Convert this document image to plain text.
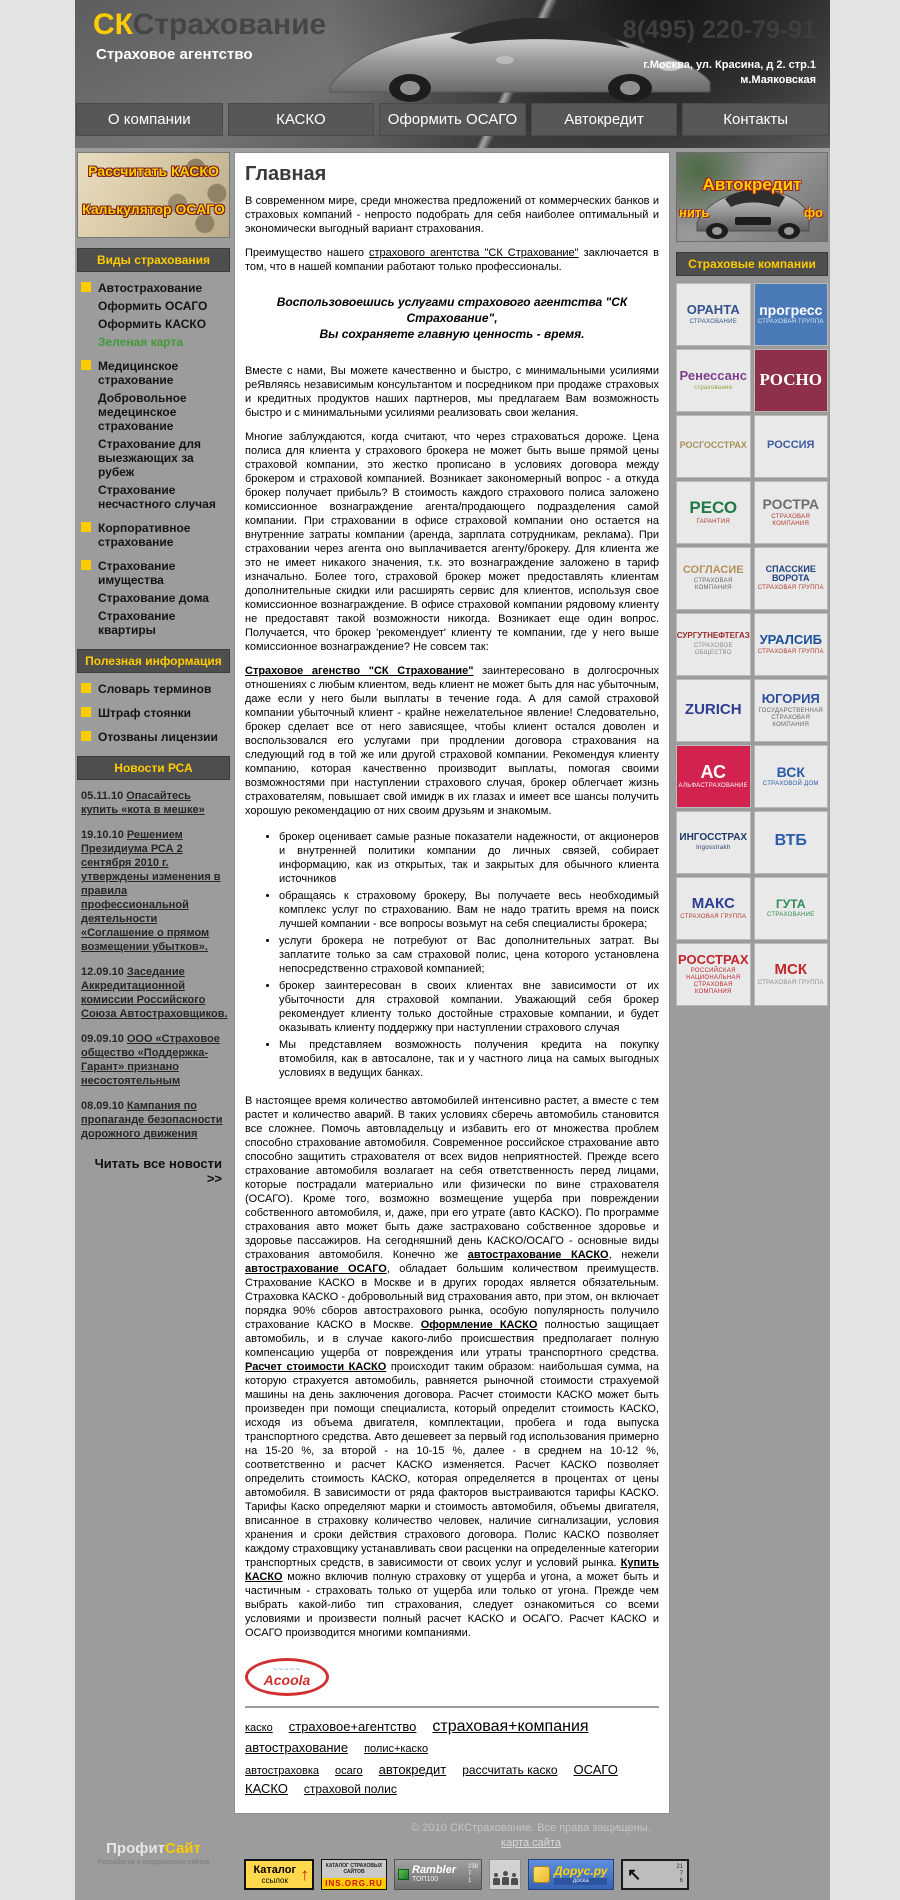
СКСтрахование
Страховое агентство
8(495) 220-79-91
г.Москва, ул. Красина, д 2. стр.1
м.Маяковская
О компании	КАСКО	Оформить ОСАГО	Автокредит	Контакты
Рассчитать КАСКО
Калькулятор ОСАГО
Виды страхования
Автострахование
Оформить ОСАГО
Оформить КАСКО
Зеленая карта
Медицинское страхование
Добровольное медецинское страхование
Страхование для выезжающих за рубеж
Страхование несчастного случая
Корпоративное страхование
Страхование имущества
Страхование дома
Страхование квартиры
Полезная информация
Словарь терминов
Штраф стоянки
Отозваны лицензии
Новости РСА
05.11.10 Опасайтесь купить «кота в мешке»
19.10.10 Решением Президиума РСА 2 сентября 2010 г. утверждены изменения в правила профессиональной деятельности «Соглашение о прямом возмещении убытков».
12.09.10 Заседание Аккредитационной комиссии Российского Союза Автостраховщиков.
09.09.10 ООО «Страховое общество «Поддержка-Гарант» признано несостоятельным
08.09.10 Кампания по пропаганде безопасности дорожного движения
Читать все новости >>
Главная

В современном мире, среди множества предложений от коммерческих банков и страховых компаний - непросто подобрать для себя наиболее оптимальный и экономически выгодный вариант страхования.

Преимущество нашего страхового агентства "СК Страхование" заключается в том, что в нашей компании работают только профессионалы.

Воспользовоешись услугами страхового агентства "СК Страхование",
Вы сохраняете главную ценность - время.

Вместе с нами, Вы можете качественно и быстро, с минимальными усилиями реЯвляясь независимым консультантом и посредником при продаже страховых и кредитных продуктов наших партнеров, мы предлагаем Вам возможность быстро и с минимальными усилиями реализовать свои желания.

Многие заблуждаются, когда считают, что через страховаться дороже. Цена полиса для клиента у страхового брокера не может быть выше прямой цены страховой компании, это жестко прописано в условиях договора между брокером и страховой компанией. Возникает закономерный вопрос - а откуда брокер получает прибыль? В стоимость каждого страхового полиса заложено комиссионное вознаграждение агента/продающего подразделения самой компании. При страховании в офисе страховой компании оно остается на внутренние затраты компании (аренда, зарплата сотрудникам, реклама). При страховании через агента оно выплачивается агенту/брокеру. Для клиента же это не имеет никакого значения, т.к. это вознаграждение заложено в тариф изначально. Более того, страховой брокер может предоставлять клиентам дополнительные скидки или расширять сервис для клиентов, используя свое комиссионное вознаграждение. В офисе страховой компании рядовому клиенту не предоставят такой возможности никогда. Возникает еще один вопрос. Получается, что брокер 'рекомендует' клиенту те компании, где у него выше комиссионное вознаграждение? Не совсем так:

Страховое агенство "СК Страхование" заинтересовано в долгосрочных отношениях с любым клиентом, ведь клиент не может быть для нас убыточным, даже если у него были выплаты в течение года. А для самой страховой компании убыточный клиент - крайне нежелательное явление! Следовательно, брокер сделает все от него зависящее, чтобы клиент остался доволен и воспользовался его услугами при продлении договора страхования на следующий год в той же или другой страховой компании. Рекомендуя клиенту компанию, которая качественно производит выплаты, помогая своими возможностями при наступлении страхового случая, брокер облегчает жизнь страхователям, повышает свой имидж в их глазах и имеет все шансы получить хорошую рекомендацию от них своим друзьям и знакомым.

• брокер оценивает самые разные показатели надежности, от акционеров и внутренней политики компании до личных связей, собирает информацию, как из открытых, так и закрытых для обычного клиента источников
• обращаясь к страховому брокеру, Вы получаете весь необходимый комплекс услуг по страхованию. Вам не надо тратить время на поиск лучшей компании - все вопросы возьмут на себя специалисты брокера;
• услуги брокера не потребуют от Вас дополнительных затрат. Вы заплатите только за сам страховой полис, цена которого установлена непосредственно страховой компанией;
• брокер заинтересован в своих клиентах вне зависимости от их убыточности для страховой компании. Уважающий себя брокер рекомендует клиенту только достойные страховые компании, и будет оказывать клиенту поддержку при наступлении страхового случая
• Мы представляем возможность получения кредита на покупку втомобиля, как в автосалоне, так и у частного лица на самых выгодных условиях в ведущих банках.

В настоящее время количество автомобилей интенсивно растет, а вместе с тем растет и количество аварий. В таких условиях сберечь автомобиль становится все сложнее. Помочь автовладельцу и избавить его от множества проблем способно страхование автомобиля. Современное российское страхование авто способно защитить страхователя от всех видов неприятностей. Прежде всего страхование автомобиля возлагает на себя ответственность перед лицами, которые пострадали материально или физически по вине страхователя (ОСАГО). Кроме того, возможно возмещение ущерба при повреждении собственного автомобиля, и, даже, при его утрате (авто КАСКО). По программе страхования авто может быть даже застраховано собственное здоровье и здоровье пассажиров. На сегодняшний день КАСКО/ОСАГО - основные виды страхования автомобиля. Конечно же автострахование КАСКО, нежели автострахование ОСАГО, обладает большим количеством преимуществ. Страхование КАСКО в Москве и в других городах является обязательным. Страховка КАСКО - добровольный вид страхования авто, при этом, он включает порядка 90% сборов автострахового рынка, особую популярность получило страхование КАСКО в Москве. Оформление КАСКО полностью защищает автомобиль, и в случае какого-либо происшествия предполагает полную компенсацию ущерба от повреждения или утраты транспортного средства. Расчет стоимости КАСКО происходит таким образом: наибольшая сумма, на которую страхуется автомобиль, равняется рыночной стоимости страхуемой машины на день заключения договора. Расчет стоимости КАСКО может быть произведен при помощи специалиста, который определит стоимость КАСКО, исходя из объема двигателя, комплектации, пробега и года выпуска транспортного средства. Авто дешевеет за первый год использования примерно на 15-20 %, за второй - на 10-15 %, далее - в среднем на 10-12 %, соответственно и расчет КАСКО изменяется. Расчет КАСКО позволяет определить стоимость КАСКО, которая определяется в процентах от цены автомобиля. В зависимости от ряда факторов выстраиваются тарифы КАСКО. Тарифы Каско определяют марки и стоимость автомобиля, объемы двигателя, вписанное в страховку количество человек, наличие сигнализации, условия хранения и сроки действия страхового договора. Полис КАСКО позволяет каждому страховщику устанавливать свои расценки на определенные категории транспортных средств, в зависимости от своих услуг и условий рынка. Купить КАСКО можно включив полную страховку от ущерба и угона, а может быть и частичным - страховать только от ущерба или только от угона. Прежде чем выбрать какой-либо тип страхования, следует ознакомиться со всеми условиями и произвести полный расчет КАСКО и ОСАГО. Расчет КАСКО и ОСАГО производится многими компаниями.

~~~~~
Acoola
каско страховое+агентство страховая+компания
автострахование полис+каско
автостраховка осаго автокредит рассчитать каско ОСАГО
КАСКО страховой полис
Автокредит
нить	фо
Страховые компании
ОРАНТА
СТРАХОВАНИЕ
прогресс
СТРАХОВАЯ ГРУППА
Ренессанс
страхование РОСНО
РОСГОССТРАХ РОССИЯ
РЕСО
ГАРАНТИЯ
РОСТРА
СТРАХОВАЯ КОМПАНИЯ
СОГЛАСИЕ
СТРАХОВАЯ КОМПАНИЯ
СПАССКИЕ ВОРОТА
СТРАХОВАЯ ГРУППА
СУРГУТНЕФТЕГАЗ
СТРАХОВОЕ ОБЩЕСТВО
УРАЛСИБ
СТРАХОВАЯ ГРУППА
ZURICH
ЮГОРИЯ
ГОСУДАРСТВЕННАЯ СТРАХОВАЯ КОМПАНИЯ
АС
АЛЬФАСТРАХОВАНИЕ
ВСК
СТРАХОВОЙ ДОМ
ИНГОССТРАХ
Ingosstrakh	ВТБ
МАКС
СТРАХОВАЯ ГРУППА
ГУТА
СТРАХОВАНИЕ
РОССТРАХ
РОССИЙСКАЯ НАЦИОНАЛЬНАЯ СТРАХОВАЯ КОМПАНИЯ
МСК
СТРАХОВАЯ ГРУППА
ПрофитСайт
Разработка и продвижение сайтов
© 2010 СКСтрахование. Все права защищены.
карта сайта
Каталог
ссылок ↑	КАТАЛОГ СТРАХОВЫХ САЙТОВ
INS.ORG.RU
Rambler
ТОП100
238
7
1
Дорус.ру
доска	↖	21
7
6
